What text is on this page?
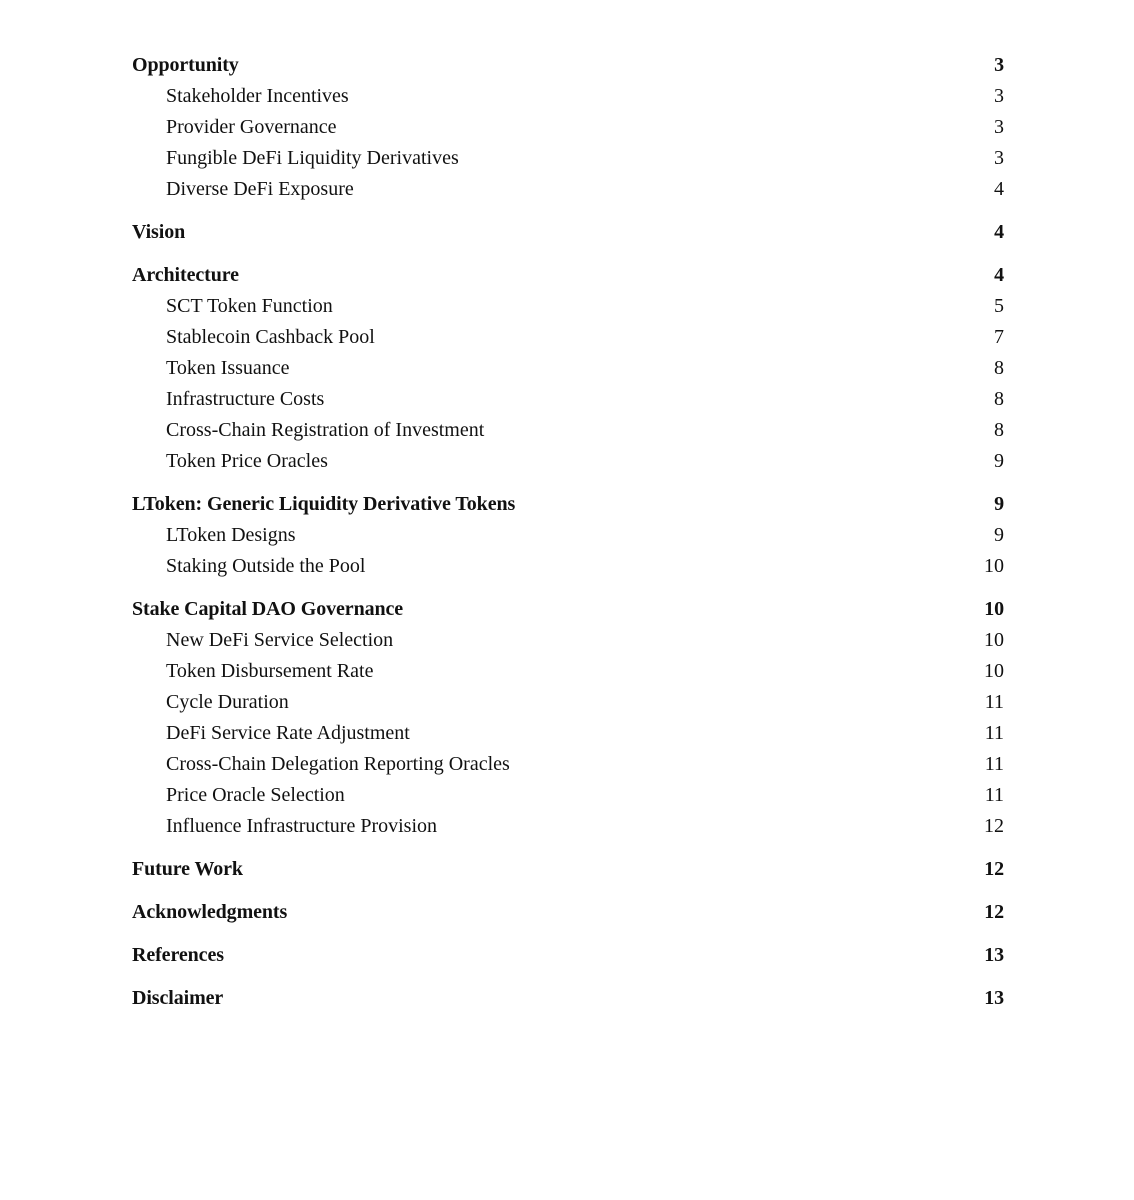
Opportunity	3
Stakeholder Incentives	3
Provider Governance	3
Fungible DeFi Liquidity Derivatives	3
Diverse DeFi Exposure	4
Vision	4
Architecture	4
SCT Token Function	5
Stablecoin Cashback Pool	7
Token Issuance	8
Infrastructure Costs	8
Cross-Chain Registration of Investment	8
Token Price Oracles	9
LToken: Generic Liquidity Derivative Tokens	9
LToken Designs	9
Staking Outside the Pool	10
Stake Capital DAO Governance	10
New DeFi Service Selection	10
Token Disbursement Rate	10
Cycle Duration	11
DeFi Service Rate Adjustment	11
Cross-Chain Delegation Reporting Oracles	11
Price Oracle Selection	11
Influence Infrastructure Provision	12
Future Work	12
Acknowledgments	12
References	13
Disclaimer	13
